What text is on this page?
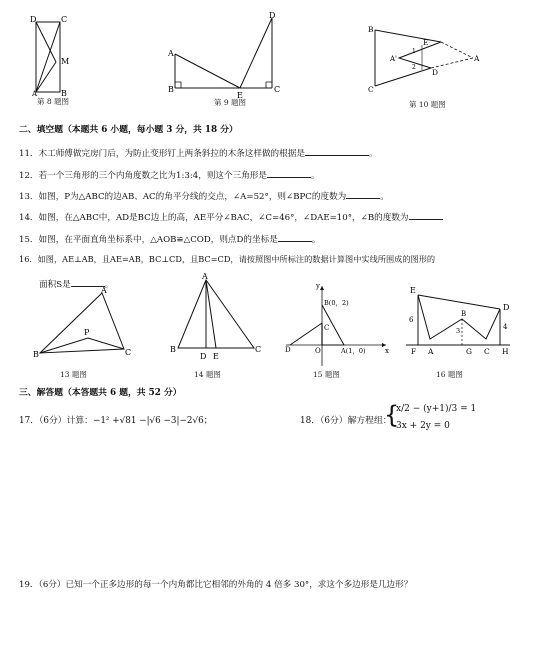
D	C
M
A	B
第 8 题图
D
A
B
E
C
第 9 题图
B
E
A'	A
1
2
D
C
第 10 题图
二、填空题（本题共 6 小题，每小题 3 分，共 18 分）
11．木工师傅做完房门后，为防止变形钉上两条斜拉的木条这样做的根据是	。
12．若一个三角形的三个内角度数之比为1:3:4，则这个三角形是	。
13．如图，P为△ABC的边AB、AC的角平分线的交点，∠A=52°，则∠BPC的度数为	。
14．如图，在△ABC中，AD是BC边上的高，AE平分∠BAC，∠C=46°，∠DAE=10°，∠B的度数为
15．如图，在平面直角坐标系中，△AOB≌△COD，则点D的坐标是	。
16．如图，AE⊥AB，且AE=AB，BC⊥CD，且BC=CD，请按照图中所标注的数据计算图中实线所围成的图形的
面积S是	。
A
P
B	C
13 题图
A
B
D E
C
14 题图
y
B(0，2)
D	O	A(1，0)	x
C
15 题图
E
D
B
6
4
3
F A	G C H
16 题图
三、解答题（本答题共 6 题，共 52 分）
17．（6分）计算：−1² +√81 −|√6 −3|−2√6；	18．（6分）解方程组：
{
x/2 − (y+1)/3 = 1
3x + 2y = 0
19．（6分）已知一个正多边形的每一个内角都比它相邻的外角的 4 倍多 30°，求这个多边形是几边形？
